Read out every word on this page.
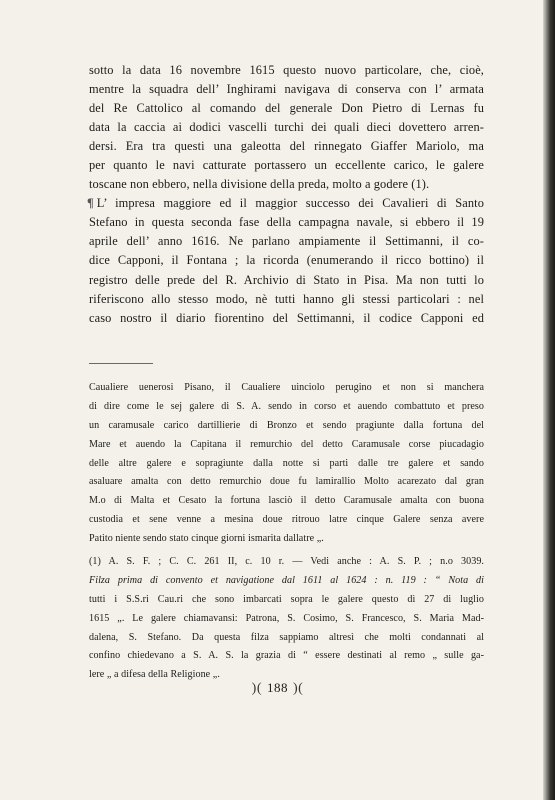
sotto la data 16 novembre 1615 questo nuovo particolare, che, cioè,
mentre la squadra dell’ Inghirami navigava di conserva con l’ armata
del Re Cattolico al comando del generale Don Pietro di Lernas fu
data la caccia ai dodici vascelli turchi dei quali dieci dovettero arren-
dersi. Era tra questi una galeotta del rinnegato Giaffer Mariolo, ma
per quanto le navi catturate portassero un eccellente carico, le galere
toscane non ebbero, nella divisione della preda, molto a godere (1).
¶ L’ impresa maggiore ed il maggior successo dei Cavalieri di Santo
Stefano in questa seconda fase della campagna navale, si ebbero il 19
aprile dell’ anno 1616. Ne parlano ampiamente il Settimanni, il co-
dice Capponi, il Fontana ; la ricorda (enumerando il ricco bottino) il
registro delle prede del R. Archivio di Stato in Pisa. Ma non tutti lo
riferiscono allo stesso modo, nè tutti hanno gli stessi particolari : nel
caso nostro il diario fiorentino del Settimanni, il codice Capponi ed
Caualiere uenerosi Pisano, il Caualiere uinciolo perugino et non si manchera
di dire come le sej galere di S. A. sendo in corso et auendo combattuto et preso
un caramusale carico dartillierie di Bronzo et sendo pragiunte dalla fortuna del
Mare et auendo la Capitana il remurchio del detto Caramusale corse piucadagio
delle altre galere e sopragiunte dalla notte si parti dalle tre galere et sando
asaluare amalta con detto remurchio doue fu lamirallio Molto acarezato dal gran
M.o di Malta et Cesato la fortuna lasciò il detto Caramusale amalta con buona
custodia et sene venne a mesina doue ritrouo latre cinque Galere senza avere
Patito niente sendo stato cinque giorni ismarita dallatre „.
(1) A. S. F. ; C. C. 261 II, c. 10 r. — Vedi anche : A. S. P. ; n.o 3039.
Filza prima di convento et navigatione dal 1611 al 1624 : n. 119 : “ Nota di
tutti i S.S.ri Cau.ri che sono imbarcati sopra le galere questo dì 27 di luglio
1615 „. Le galere chiamavansi: Patrona, S. Cosimo, S. Francesco, S. Maria Mad-
dalena, S. Stefano. Da questa filza sappiamo altresì che molti condannati al
confino chiedevano a S. A. S. la grazia di “ essere destinati al remo „ sulle ga-
lere „ a difesa della Religione „.
)( 188 )(
